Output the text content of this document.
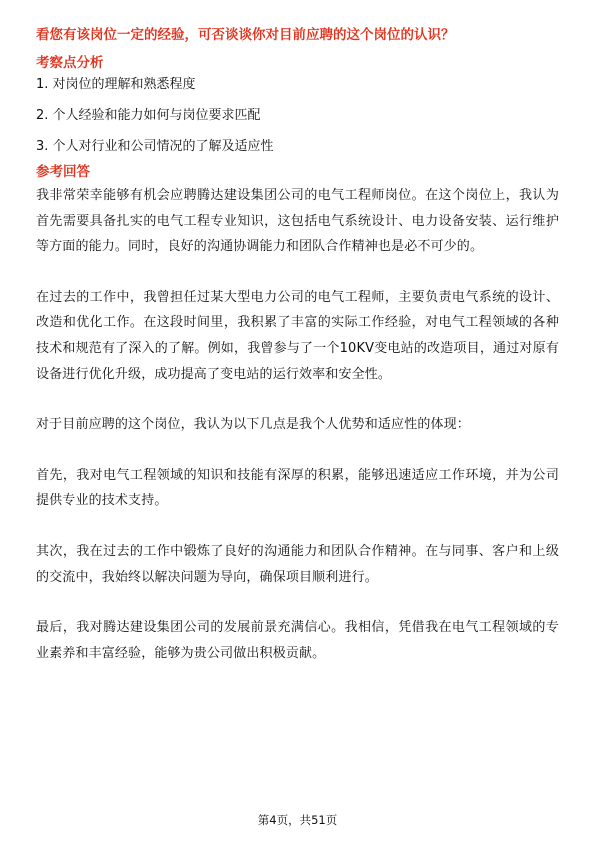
看您有该岗位一定的经验，可否谈谈你对目前应聘的这个岗位的认识？
考察点分析
1. 对岗位的理解和熟悉程度
2. 个人经验和能力如何与岗位要求匹配
3. 个人对行业和公司情况的了解及适应性
参考回答

我非常荣幸能够有机会应聘腾达建设集团公司的电气工程师岗位。在这个岗位上，我认为首先需要具备扎实的电气工程专业知识，这包括电气系统设计、电力设备安装、运行维护等方面的能力。同时，良好的沟通协调能力和团队合作精神也是必不可少的。

在过去的工作中，我曾担任过某大型电力公司的电气工程师，主要负责电气系统的设计、改造和优化工作。在这段时间里，我积累了丰富的实际工作经验，对电气工程领域的各种技术和规范有了深入的了解。例如，我曾参与了一个10KV变电站的改造项目，通过对原有设备进行优化升级，成功提高了变电站的运行效率和安全性。

对于目前应聘的这个岗位，我认为以下几点是我个人优势和适应性的体现：

首先，我对电气工程领域的知识和技能有深厚的积累，能够迅速适应工作环境，并为公司提供专业的技术支持。

其次，我在过去的工作中锻炼了良好的沟通能力和团队合作精神。在与同事、客户和上级的交流中，我始终以解决问题为导向，确保项目顺利进行。

最后，我对腾达建设集团公司的发展前景充满信心。我相信，凭借我在电气工程领域的专业素养和丰富经验，能够为贵公司做出积极贡献。

第4页，共51页
